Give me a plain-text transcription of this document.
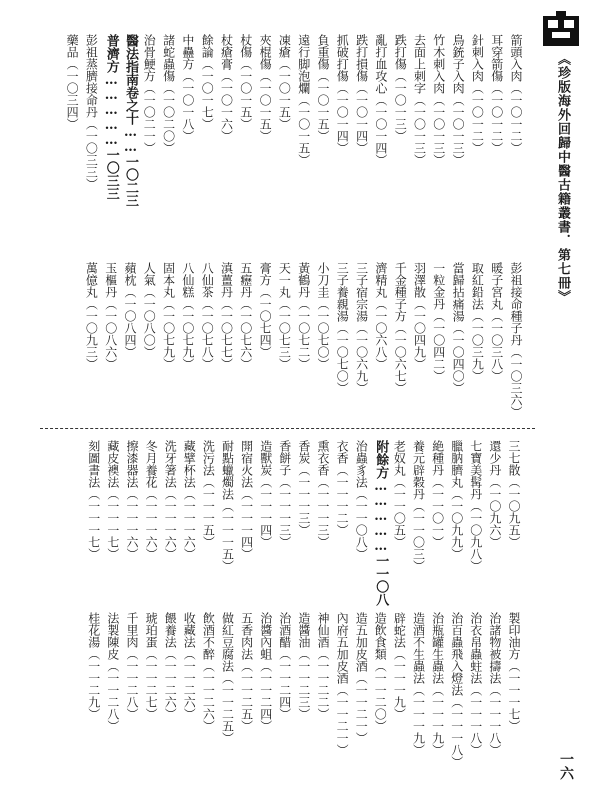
《珍版海外回歸中醫古籍叢書．第七冊》
一六
彭祖接命種子丹（一〇三六）
箭頭入肉（一〇一二）
暖子宮丸（一〇三八）
耳穿箭傷（一〇一二）
取紅鉛法（一〇三九）
針刺入肉（一〇一二）
當歸拈痛湯（一〇四〇）
鳥銃子入肉（一〇一三）
一粒金丹（一〇四二）
竹木刺入肉（一〇一三）
羽澤散（一〇四九）
去面上刺字（一〇一三）
千金種子方（一〇六七）
跌打傷（一〇一三）
濟精丸（一〇六八）
亂打血攻心（一〇一四）
三子宿宗湯（一〇六九）
跌打損傷（一〇一四）
三子養親湯（一〇七〇）
抓破打傷（一〇一四）
小刀圭（一〇七〇）
負重傷（一〇一五）
黃鶴丹（一〇七二）
遠行脚泡爛（一〇一五）
天一丸（一〇七三）
凍瘡（一〇一五）
膏方（一〇七四）
夾棍傷（一〇一五）
五癧丹（一〇七六）
杖傷（一〇一五）
滇薑丹（一〇七七）
杖瘡膏（一〇一六）
八仙茶（一〇七八）
餘論（一〇一七）
八仙糕（一〇七九）
中蠱方（一〇一八）
固本丸（一〇七九）
諸蛇蟲傷（一〇二〇）
人氣（一〇八〇）
治骨鯁方（一〇二一）
蘋枕（一〇八四）
醫法指南卷之十……一〇二三
玉樞丹（一〇八六）
普濟方……………一〇三三
萬億丸（一〇九三）
彭祖蒸臍接命丹（一〇三三）
藥品（一〇三四）
製印油方（一一一七）
三七散（一〇九五）
治諸物被擣法（一一一八）
還少丹（一〇九六）
治衣帛蟲蛀法（一一一八）
七寶美髯丹（一〇九八）
治百蟲飛入燈法（一一一八）
臘肭臍丸（一〇九九）
治瓶罐生蟲法（一一一九）
絶種丹（一一〇一）
造酒不生蟲法（一一一九）
養元辟穀丹（一一〇三）
辟蛇法（一一一九）
老奴丸（一一〇五）
造飲食類（一一二〇）
附餘方……………一一〇八
造五加皮酒（一一二一）
治蟲豸法（一一〇八）
內府五加皮酒（一一二一）
衣香（一一一二）
神仙酒（一一二二）
熏衣香（一一一三）
造醬油（一一二三）
香炭（一一一三）
治酒醋（一一二四）
香餅子（一一一三）
治醬內蛆（一一二四）
造獸炭（一一一四）
五香肉法（一一二五）
開宿火法（一一一四）
做紅豆腐法（一一二五）
耐點蠟燭法（一一一五）
飲酒不醉（一一二六）
洗污法（一一一五）
收藏法（一一二六）
藏擘杯法（一一一六）
餵養法（一一二六）
洗牙箸法（一一一六）
琥珀蛋（一一二七）
冬月養花（一一一六）
千里肉（一一二八）
擦漆器法（一一一六）
法製陳皮（一一二八）
藏皮襖法（一一一七）
桂花湯（一一二九）
刻圖書法（一一一七）
